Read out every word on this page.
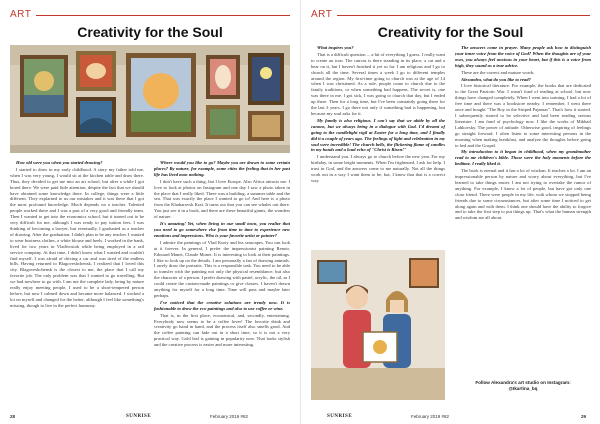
ART
Creativity for the Soul

How old were you when you started drawing?

I started to draw in my early childhood. A story my father told me, when I was very young, I would sit at the kitchen table and draw there. Thus, they decided to get me into an art school, but after a while I got bored there. We were paid little attention, despite the fact that we should have obtained some knowledge there. In college, things were a little different. They explained to us our mistakes and it was there that I got the most profound knowledge. Much depends on a teacher. Talented people worked there and I was a part of a very good and friendly team. Then I wanted to get into the economics school, but it turned out to be very difficult for me, although I was ready to pay tuition fees. I was thinking of becoming a lawyer, but eventually, I graduated as a teacher of drawing. After the graduation, I didn't plan to be any teacher. I wanted to wear business clothes, a white blouse and heels. I worked in the bank, lived for two years in Vladivostok while being employed in a rail service company. At that time, I didn't know what I wanted and couldn't find myself. I was afraid of driving a car and was tired of the endless hills. Having returned to Blagoveshchensk, I realized that I loved this city. Blagoveshchensk is the closest to me, the place that I call my favorite job. The only problem was that I wanted to go travelling. But we had nowhere to go with. I am not the complete lady, being by nature really enjoy meeting people. I used to be a short-tempered person before, but now I calmed down and became more balanced. I worked a lot on myself and changed for the better, although I feel like something's missing, though to live in the perfect harmony.

Where would you like to go? Maybe you are drawn to some certain places? By nature, for example, some cities the feeling that in her past life has lived mon nothing.

I don't have such a thing, but I love Europe. Also Africa attracts me. I love to look at photos on Instagram and one day I saw a photo taken in the place that I really liked. There was a building, a summer table and the sea. That was exactly the place I wanted to go to! And here is a photo from the Khabarovsk Krai. It turns out that you can see whales out there. You just see it in a book, and there are these beautiful giants, the wonders of nature.

It's amazing! Yet, when living in our small town, you realize that you need to go somewhere else from time to time to experience new emotions and impressions. Who is your favorite artist or painter?

I admire the paintings of Vlad Kuriy and his seascapes. You can look at it forever. In general, I prefer the impressionist painting Renoir, Edouard Manet, Claude Monet. It is interesting to look at their paintings. I like to look up on the details. I am personally a fan of drawing animals. I rarely draw the portraits. This is a responsible task. You need to be able to transfer with the painting not only the physical resemblance, but also the character of a person. I prefer drawing with pastel, acrylic, the oil, as I could create the custom-made paintings or give classes. I haven't drawn anything for myself for a long time. Time will pass and maybe later perhaps.

I've noticed that the creative solutions are trendy now. It is fashionable to draw the eco-paintings and also to use coffee or wine.

That is, in the first place, economical, and, secondly, entertaining. Everybody now seems to be a coffee lover! The favorite drink and creativity go hand in hand, and the process itself also smells good. And the coffee painting can fade out in a short time, so it is not a very practical way. Gold leaf is gaining in popularity now. That looks stylish and the creative process is easier and more interesting.

28	SUNRISE	February 2019 #82
ART
Creativity for the Soul

What inspires you?

That is a difficult question ... a bit of everything I guess. I really want to create an icon. The canvas is there standing in its place, a cat and a bear on it, but I haven't finished it yet so far. I am religious and I go to church all the time. Several times a week I go to different temples around the region. My first-time going to church was at the age of 14 when I was christened. As a rule, people come to church due to the family traditions, or when something bad happens. The secret is, one was there in me. I got sick, I was going to church that day, but I ended up there. Then for a long time, but I've been constantly going there for the last 3 years. I go there not only if something bad is happening, but because my soul asks for it.

My family is also religious. I can't say that we abide by all the canons, but we always bring in a dialogue with God. I'd dreamt of going to the candlelight vigil at Easter for a long time, and I finally did it a couple of years ago. The feelings of light and celebration in my soul were incredible! The church bells, the flickering flame of candles in my hands and a loud echo of "Christ is Risen!"

I understand you. I always go to church before the new year. For my birthday, in some bright moments. When I'm frightened, I ask for help. I trust in God, and the answers come to me naturally. Not all the things work out in a way I want them to be, but, I know that that is a correct way.

The answers come in prayer. Many people ask how to distinguish your inner voice from the voice of God? When the thoughts are of your own, you always feel anxious in your heart, but if this is a voice from high, they sound as a true advice.

These are the correct and mature words.

Alexandra, what do you like to read?

I love historical literature. For example, the books that are dedicated to the Great Patriotic War. I wasn't fond of reading at school, but now things have changed completely. When I went into training, I had a lot of free time and there was a bookstore nearby. I remember, I went there once and bought "The Boy in the Striped Pajamas". That's how it started. I subsequently started to be selective and had been reading serious literature. I am fond of psychology now. I like the works of Mikhail Labkovsky. The power of attitude. Otherwise good, inspiring of feelings go straight forward. I often listen to some interesting persons in the morning when making breakfast, and analyze the thoughts before going to bed and the Gospel.

My introduction to it began in childhood, when my grandmother read to me children's bible. Those were the holy moments before the bedtime. I really liked it.

The book is eternal and it has a lot of wisdom. It teaches a lot. I am an impressionable person by nature and worry about everything, but I've learned to take things easier. I am not trying to overtake the rumor of anything. For example, I know a lot of people, but have got only one close friend. There were people in my life, with whom we stopped being friends due to some circumstances, but after some time I noticed to get along again and with them. I think one should have the ability to forgive and to take the first step to put things up. That's what the human strength and wisdom are all about.

Follow Alexandra's art studio on Instagram:
@Ikartina_bq
SUNRISE	February 2019 #82	29
